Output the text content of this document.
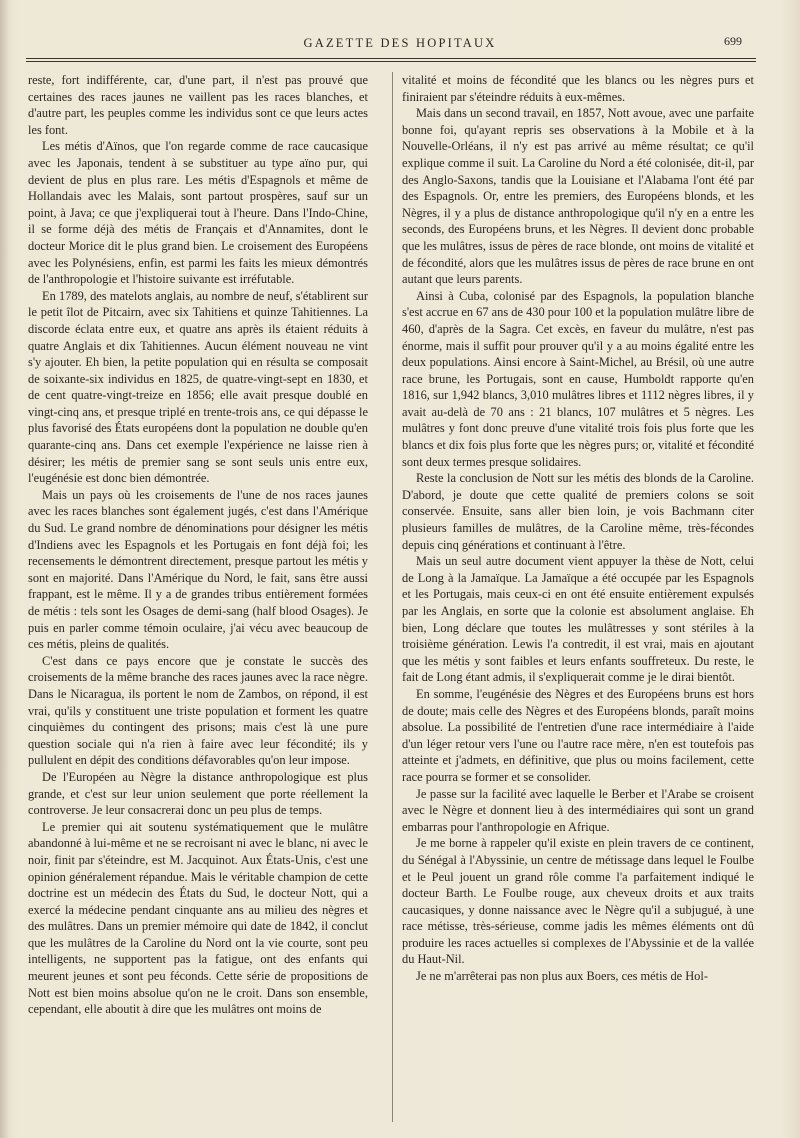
GAZETTE DES HOPITAUX	699

reste, fort indifférente, car, d'une part, il n'est pas prouvé que certaines des races jaunes ne vaillent pas les races blanches, et d'autre part, les peuples comme les individus sont ce que leurs actes les font.

Les métis d'Aïnos, que l'on regarde comme de race caucasique avec les Japonais, tendent à se substituer au type aïno pur, qui devient de plus en plus rare. Les métis d'Espagnols et même de Hollandais avec les Malais, sont partout prospères, sauf sur un point, à Java; ce que j'expliquerai tout à l'heure. Dans l'Indo-Chine, il se forme déjà des métis de Français et d'Annamites, dont le docteur Morice dit le plus grand bien. Le croisement des Européens avec les Polynésiens, enfin, est parmi les faits les mieux démontrés de l'anthropologie et l'histoire suivante est irréfutable.

En 1789, des matelots anglais, au nombre de neuf, s'établirent sur le petit îlot de Pitcairn, avec six Tahitiens et quinze Tahitiennes. La discorde éclata entre eux, et quatre ans après ils étaient réduits à quatre Anglais et dix Tahitiennes. Aucun élément nouveau ne vint s'y ajouter. Eh bien, la petite population qui en résulta se composait de soixante-six individus en 1825, de quatre-vingt-sept en 1830, et de cent quatre-vingt-treize en 1856; elle avait presque doublé en vingt-cinq ans, et presque triplé en trente-trois ans, ce qui dépasse le plus favorisé des États européens dont la population ne double qu'en quarante-cinq ans. Dans cet exemple l'expérience ne laisse rien à désirer; les métis de premier sang se sont seuls unis entre eux, l'eugénésie est donc bien démontrée.

Mais un pays où les croisements de l'une de nos races jaunes avec les races blanches sont également jugés, c'est dans l'Amérique du Sud. Le grand nombre de dénominations pour désigner les métis d'Indiens avec les Espagnols et les Portugais en font déjà foi; les recensements le démontrent directement, presque partout les métis y sont en majorité. Dans l'Amérique du Nord, le fait, sans être aussi frappant, est le même. Il y a de grandes tribus entièrement formées de métis : tels sont les Osages de demi-sang (half blood Osages). Je puis en parler comme témoin oculaire, j'ai vécu avec beaucoup de ces métis, pleins de qualités.

C'est dans ce pays encore que je constate le succès des croisements de la même branche des races jaunes avec la race nègre. Dans le Nicaragua, ils portent le nom de Zambos, on répond, il est vrai, qu'ils y constituent une triste population et forment les quatre cinquièmes du contingent des prisons; mais c'est là une pure question sociale qui n'a rien à faire avec leur fécondité; ils y pullulent en dépit des conditions défavorables qu'on leur impose.

De l'Européen au Nègre la distance anthropologique est plus grande, et c'est sur leur union seulement que porte réellement la controverse. Je leur consacrerai donc un peu plus de temps.

Le premier qui ait soutenu systématiquement que le mulâtre abandonné à lui-même et ne se recroisant ni avec le blanc, ni avec le noir, finit par s'éteindre, est M. Jacquinot. Aux États-Unis, c'est une opinion généralement répandue. Mais le véritable champion de cette doctrine est un médecin des États du Sud, le docteur Nott, qui a exercé la médecine pendant cinquante ans au milieu des nègres et des mulâtres. Dans un premier mémoire qui date de 1842, il conclut que les mulâtres de la Caroline du Nord ont la vie courte, sont peu intelligents, ne supportent pas la fatigue, ont des enfants qui meurent jeunes et sont peu féconds. Cette série de propositions de Nott est bien moins absolue qu'on ne le croit. Dans son ensemble, cependant, elle aboutit à dire que les mulâtres ont moins de

vitalité et moins de fécondité que les blancs ou les nègres purs et finiraient par s'éteindre réduits à eux-mêmes.

Mais dans un second travail, en 1857, Nott avoue, avec une parfaite bonne foi, qu'ayant repris ses observations à la Mobile et à la Nouvelle-Orléans, il n'y est pas arrivé au même résultat; ce qu'il explique comme il suit. La Caroline du Nord a été colonisée, dit-il, par des Anglo-Saxons, tandis que la Louisiane et l'Alabama l'ont été par des Espagnols. Or, entre les premiers, des Européens blonds, et les Nègres, il y a plus de distance anthropologique qu'il n'y en a entre les seconds, des Européens bruns, et les Nègres. Il devient donc probable que les mulâtres, issus de pères de race blonde, ont moins de vitalité et de fécondité, alors que les mulâtres issus de pères de race brune en ont autant que leurs parents.

Ainsi à Cuba, colonisé par des Espagnols, la population blanche s'est accrue en 67 ans de 430 pour 100 et la population mulâtre libre de 460, d'après de la Sagra. Cet excès, en faveur du mulâtre, n'est pas énorme, mais il suffit pour prouver qu'il y a au moins égalité entre les deux populations. Ainsi encore à Saint-Michel, au Brésil, où une autre race brune, les Portugais, sont en cause, Humboldt rapporte qu'en 1816, sur 1,942 blancs, 3,010 mulâtres libres et 1112 nègres libres, il y avait au-delà de 70 ans : 21 blancs, 107 mulâtres et 5 nègres. Les mulâtres y font donc preuve d'une vitalité trois fois plus forte que les blancs et dix fois plus forte que les nègres purs; or, vitalité et fécondité sont deux termes presque solidaires.

Reste la conclusion de Nott sur les métis des blonds de la Caroline. D'abord, je doute que cette qualité de premiers colons se soit conservée. Ensuite, sans aller bien loin, je vois Bachmann citer plusieurs familles de mulâtres, de la Caroline même, très-fécondes depuis cinq générations et continuant à l'être.

Mais un seul autre document vient appuyer la thèse de Nott, celui de Long à la Jamaïque. La Jamaïque a été occupée par les Espagnols et les Portugais, mais ceux-ci en ont été ensuite entièrement expulsés par les Anglais, en sorte que la colonie est absolument anglaise. Eh bien, Long déclare que toutes les mulâtresses y sont stériles à la troisième génération. Lewis l'a contredit, il est vrai, mais en ajoutant que les métis y sont faibles et leurs enfants souffreteux. Du reste, le fait de Long étant admis, il s'expliquerait comme je le dirai bientôt.

En somme, l'eugénésie des Nègres et des Européens bruns est hors de doute; mais celle des Nègres et des Européens blonds, paraît moins absolue. La possibilité de l'entretien d'une race intermédiaire à l'aide d'un léger retour vers l'une ou l'autre race mère, n'en est toutefois pas atteinte et j'admets, en définitive, que plus ou moins facilement, cette race pourra se former et se consolider.

Je passe sur la facilité avec laquelle le Berber et l'Arabe se croisent avec le Nègre et donnent lieu à des intermédiaires qui sont un grand embarras pour l'anthropologie en Afrique.

Je me borne à rappeler qu'il existe en plein travers de ce continent, du Sénégal à l'Abyssinie, un centre de métissage dans lequel le Foulbe et le Peul jouent un grand rôle comme l'a parfaitement indiqué le docteur Barth. Le Foulbe rouge, aux cheveux droits et aux traits caucasiques, y donne naissance avec le Nègre qu'il a subjugué, à une race métisse, très-sérieuse, comme jadis les mêmes éléments ont dû produire les races actuelles si complexes de l'Abyssinie et de la vallée du Haut-Nil.

Je ne m'arrêterai pas non plus aux Boers, ces métis de Hol-
